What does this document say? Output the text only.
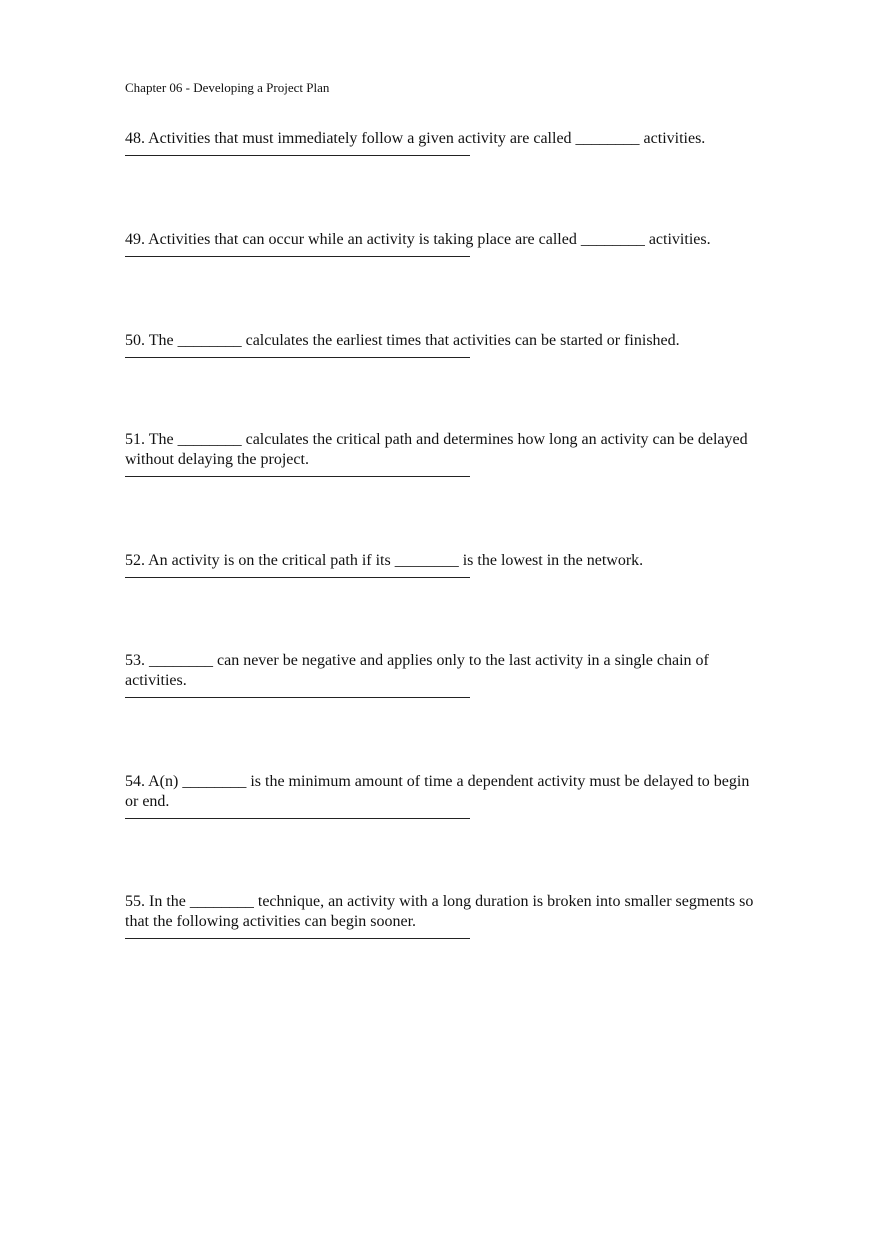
Chapter 06 - Developing a Project Plan

48. Activities that must immediately follow a given activity are called ________ activities.

49. Activities that can occur while an activity is taking place are called ________ activities.

50. The ________ calculates the earliest times that activities can be started or finished.

51. The ________ calculates the critical path and determines how long an activity can be delayed without delaying the project.

52. An activity is on the critical path if its ________ is the lowest in the network.

53. ________ can never be negative and applies only to the last activity in a single chain of activities.

54. A(n) ________ is the minimum amount of time a dependent activity must be delayed to begin or end.

55. In the ________ technique, an activity with a long duration is broken into smaller segments so that the following activities can begin sooner.
